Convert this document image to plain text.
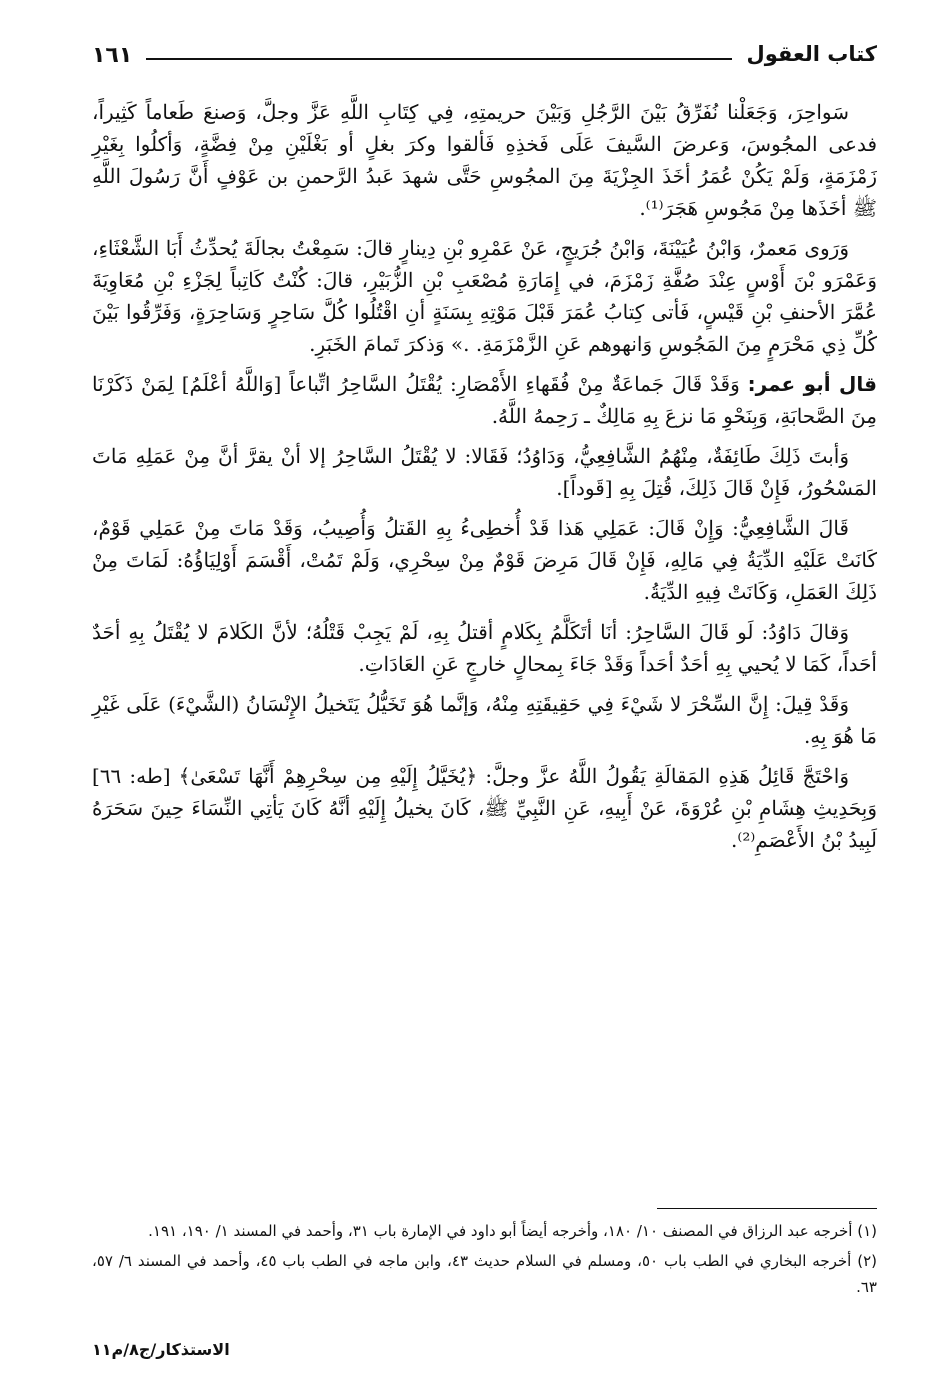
كتاب العقول
١٦١

سَواحِرَ، وَجَعَلْنا نُفَرِّقُ بَيْنَ الرَّجُلِ وَبَيْنَ حريمتِهِ، فِي كِتَابِ اللَّهِ عَزَّ وجلَّ، وَصنعَ طَعاماً كَثِيراً، فدعى المجُوسَ، وَعرضَ السَّيفَ عَلَى فَخذِهِ فَألقوا وكرَ بغلٍ أو بَغْلَيْنِ مِنْ فِضَّةٍ، وَأكلُوا بِغَيْرِ زَمْزَمَةٍ، وَلَمْ يَكُنْ عُمَرُ أخَذَ الجِزْيَةَ مِنَ المجُوسِ حَتَّى شهدَ عَبدُ الرَّحمنِ بن عَوْفٍ أَنَّ رَسُولَ اللَّهِ ﷺ أخَذَها مِنْ مَجُوسِ هَجَرَ⁽¹⁾.

وَرَوى مَعمرٌ، وَابْنُ عُيَيْنَةَ، وَابْنُ جُرَيجٍ، عَنْ عَمْرِو بْنِ دِينارٍ قالَ: سَمِعْتُ بجالَةَ يُحدِّثُ أَبَا الشَّعْثَاءِ، وَعَمْرَو بْنَ أَوْسٍ عِنْدَ صُفَّةِ زَمْزَمَ، في إِمَارَةِ مُصْعَبِ بْنِ الزُّبَيْرِ، قالَ: كُنْتُ كَاتِباً لِجَزْءِ بْنِ مُعَاوِيَةَ عُمَّرَ الأحنفِ بْنِ قَيْسٍ، فَأتى كِتابُ عُمَرَ قَبْلَ مَوْتِهِ بِسَنَةٍ أنِ اقْتُلُوا كُلَّ سَاحِرٍ وَسَاحِرَةٍ، وَفَرِّقُوا بَيْنَ كُلِّ ذِي مَحْرَمٍ مِنَ المَجُوسِ وَانهوهم عَنِ الزَّمْزَمَةِ. .» وَذكرَ تَمامَ الخَبَرِ.

قال أبو عمر: وَقَدْ قَالَ جَماعَةٌ مِنْ فُقَهاءِ الأَمْصَارِ: يُقْتَلُ السَّاحِرُ اتِّباعاً [وَاللَّهُ أعْلَمُ] لِمَنْ ذَكَرْنَا مِنَ الصَّحابَةِ، وَبِنَحْوِ مَا نزعَ بِهِ مَالِكٌ ـ رَحِمهُ اللَّهُ.

وَأبتَ ذَلِكَ طَائِفَةٌ، مِنْهُمُ الشَّافِعِيُّ، وَدَاوُدُ؛ فَقَالا: لا يُقْتَلُ السَّاحِرُ إلا أنْ يقرَّ أنَّ مِنْ عَمَلِهِ مَاتَ المَسْحُورُ، فَإِنْ قَالَ ذَلِكَ، قُتِلَ بِهِ [قَوداً].

قَالَ الشَّافِعِيُّ: وَإِنْ قَالَ: عَمَلِي هَذا قَدْ أُخطِىءُ بِهِ القَتلُ وَأُصِيبُ، وَقَدْ مَاتَ مِنْ عَمَلِي قَوْمٌ، كَانَتْ عَلَيْهِ الدِّيَةُ فِي مَالِهِ، فَإِنْ قَالَ مَرِضَ قَوْمٌ مِنْ سِحْرِي، وَلَمْ تَمُتْ، أَقْسَمَ أَوْلِيَاؤُهُ: لَمَاتَ مِنْ ذَلِكَ العَمَلِ، وَكَانَتْ فِيهِ الدِّيَةُ.

وَقالَ دَاوُدُ: لَو قَالَ السَّاحِرُ: أنَا أتَكَلَّمُ بِكَلامٍ أقتلُ بِهِ، لَمْ يَجِبْ قَتْلُهُ؛ لأنَّ الكَلامَ لا يُقْتَلُ بِهِ أحَدٌ أحَداً، كَمَا لا يُحيي بِهِ أحَدٌ أحَداً وَقَدْ جَاءَ بِمحالٍ خارجٍ عَنِ العَادَاتِ.

وَقَدْ قِيلَ: إِنَّ السِّحْرَ لا شَيْءَ فِي حَقِيقَتِهِ مِنْهُ، وَإنَّما هُوَ تَخَيُّلُ يَتَخيلُ الإِنْسَانُ (الشَّيْءَ) عَلَى غَيْرِ مَا هُوَ بِهِ.

وَاحْتَجَّ قَائِلُ هَذِهِ المَقالَةِ يَقُولُ اللَّهُ عزَّ وجلَّ: ﴿يُخَيَّلُ إِلَيْهِ مِن سِحْرِهِمْ أَنَّهَا تَسْعَىٰ﴾ [طه: ٦٦] وَبِحَدِيثِ هِشَامِ بْنِ عُرْوَةَ، عَنْ أَبِيهِ، عَنِ النَّبِيِّ ﷺ، كَانَ يخيلُ إِلَيْهِ أنَّهُ كَانَ يَأتِي النِّسَاءَ حِينَ سَحَرَهُ لَبِيدُ بْنُ الأَعْصَمِ⁽²⁾.

(١) أخرجه عبد الرزاق في المصنف ١٠/ ١٨٠، وأخرجه أيضاً أبو داود في الإمارة باب ٣١، وأحمد في المسند ١/ ١٩٠، ١٩١.

(٢) أخرجه البخاري في الطب باب ٥٠، ومسلم في السلام حديث ٤٣، وابن ماجه في الطب باب ٤٥، وأحمد في المسند ٦/ ٥٧، ٦٣.

الاستذكار/ج٨/م١١
